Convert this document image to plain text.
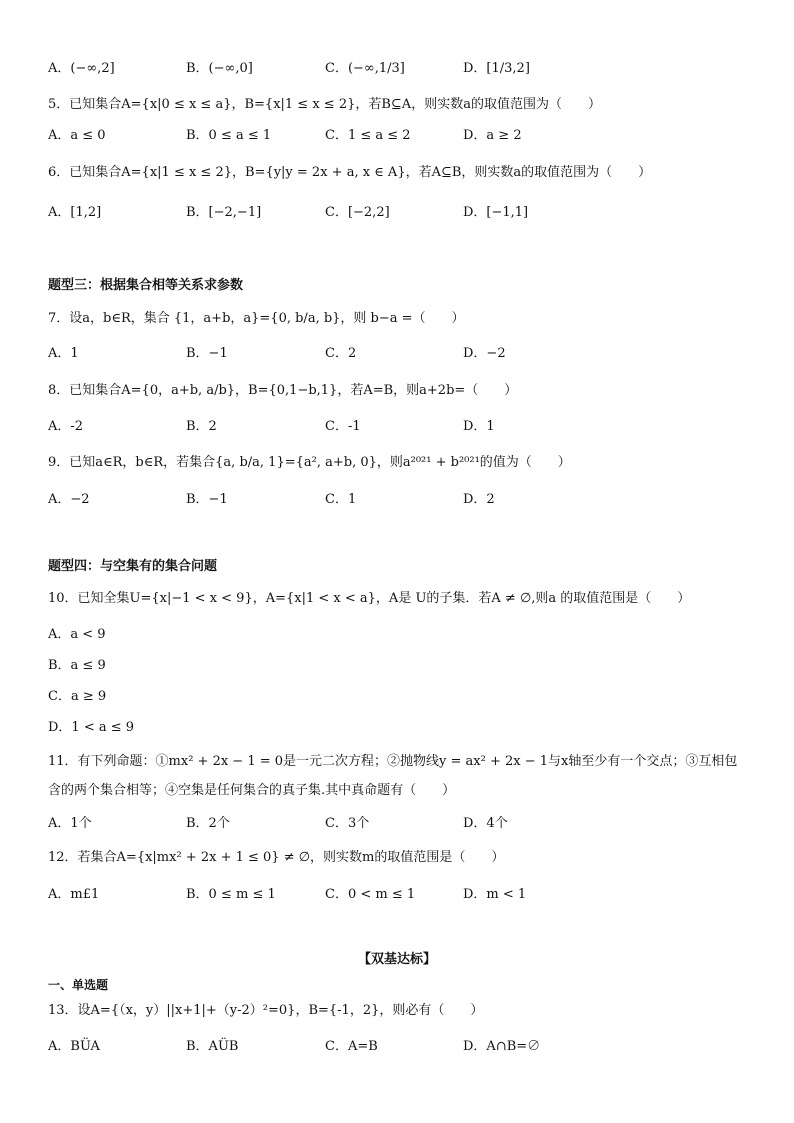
A．(−∞,2]	B．(−∞,0]	C．(−∞,1/3]	D．[1/3,2]
5．已知集合A={x|0 ≤ x ≤ a}，B={x|1 ≤ x ≤ 2}，若B⊆A，则实数a的取值范围为（　　）
A．a ≤ 0	B．0 ≤ a ≤ 1	C．1 ≤ a ≤ 2	D．a ≥ 2
6．已知集合A={x|1 ≤ x ≤ 2}，B={y|y = 2x + a, x ∈ A}，若A⊆B，则实数a的取值范围为（　　）
A．[1,2]	B．[−2,−1]	C．[−2,2]	D．[−1,1]
题型三：根据集合相等关系求参数
7．设a，b∈R，集合 {1，a+b，a}={0, b/a, b}，则 b−a =（　　）
A．1	B．−1	C．2	D．−2
8．已知集合A={0，a+b, a/b}，B={0,1−b,1}，若A=B，则a+2b=（　　）
A．-2	B．2	C．-1	D．1
9．已知a∈R，b∈R，若集合{a, b/a, 1}={a², a+b, 0}，则a²⁰²¹ + b²⁰²¹的值为（　　）
A．−2	B．−1	C．1	D．2
题型四：与空集有的集合问题
10．已知全集U={x|−1 < x < 9}，A={x|1 < x < a}，A是 U的子集．若A ≠ ∅,则a 的取值范围是（　　）
A．a < 9
B．a ≤ 9
C．a ≥ 9
D．1 < a ≤ 9
11．有下列命题：①mx² + 2x − 1 = 0是一元二次方程；②抛物线y = ax² + 2x − 1与x轴至少有一个交点；③互相包
含的两个集合相等；④空集是任何集合的真子集.其中真命题有（　　）
A．1个	B．2个	C．3个	D．4个
12．若集合A={x|mx² + 2x + 1 ≤ 0} ≠ ∅，则实数m的取值范围是（　　）
A．m£1	B．0 ≤ m ≤ 1	C．0 < m ≤ 1	D．m < 1
【双基达标】
一、单选题
13．设A={（x，y）||x+1|+（y-2）²=0}，B={-1，2}，则必有（　　）
A．BÜA	B．AÜB	C．A=B	D．A∩B=∅
